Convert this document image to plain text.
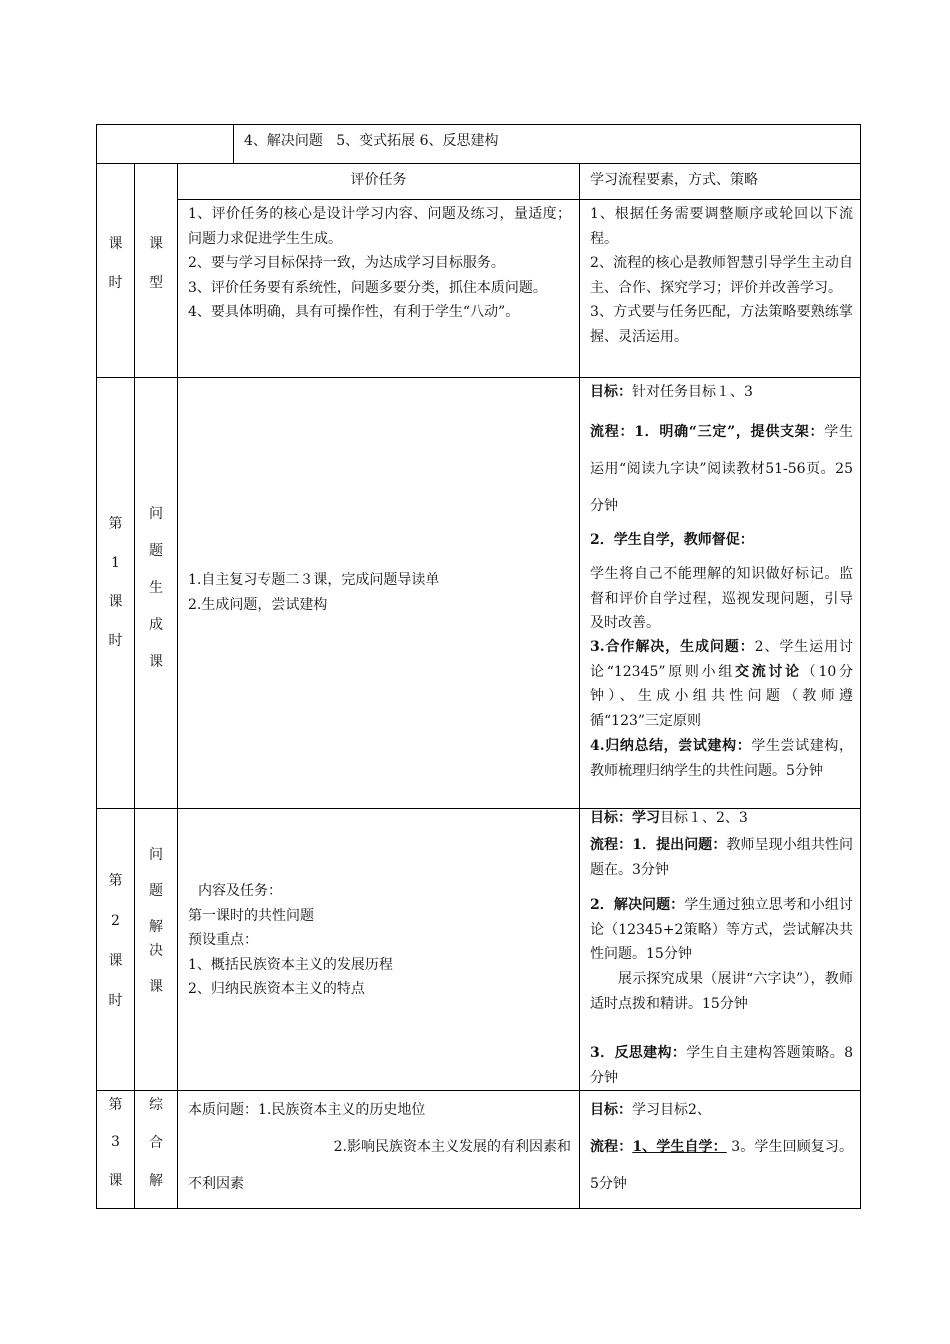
4、解决问题   5、变式拓展 6、反思建构
课
时
课
型
评价任务	学习流程要素，方式、策略
1、评价任务的核心是设计学习内容、问题及练习，量适度；问题力求促进学生生成。
2、要与学习目标保持一致，为达成学习目标服务。
3、评价任务要有系统性，问题多要分类，抓住本质问题。
4、要具体明确，具有可操作性，有利于学生“八动”。
1、根据任务需要调整顺序或轮回以下流程。
2、流程的核心是教师智慧引导学生主动自主、合作、探究学习；评价并改善学习。
3、方式要与任务匹配，方法策略要熟练掌握、灵活运用。
第
1
课
时
问
题
生
成
课
1.自主复习专题二３课，完成问题导读单
2.生成问题，尝试建构
目标：针对任务目标１、3
流程：1．明确“三定”，提供支架：学生运用“阅读九字诀”阅读教材51-56页。25分钟
2．学生自学，教师督促：
学生将自己不能理解的知识做好标记。监督和评价自学过程，巡视发现问题，引导及时改善。
3.合作解决，生成问题：2、学生运用讨论“12345”原则小组交流讨论（10分钟）、生成小组共性问题（教师遵循“123”三定原则
4.归纳总结，尝试建构：学生尝试建构，教师梳理归纳学生的共性问题。5分钟
第
2
课
时
问
题
解
决
课
内容及任务：
第一课时的共性问题
预设重点：
1、概括民族资本主义的发展历程
2、归纳民族资本主义的特点
目标：学习目标１、2、3
流程：1．提出问题：教师呈现小组共性问题在。3分钟
2．解决问题：学生通过独立思考和小组讨论（12345+2策略）等方式，尝试解决共性问题。15分钟
展示探究成果（展讲“六字诀”），教师适时点拨和精讲。15分钟
3．反思建构：学生自主建构答题策略。8分钟
第
3
课
综
合
解
本质问题：1.民族资本主义的历史地位
2.影响民族资本主义发展的有利因素和
不利因素
目标：学习目标2、
流程：1、学生自学： 3。学生回顾复习。5分钟
